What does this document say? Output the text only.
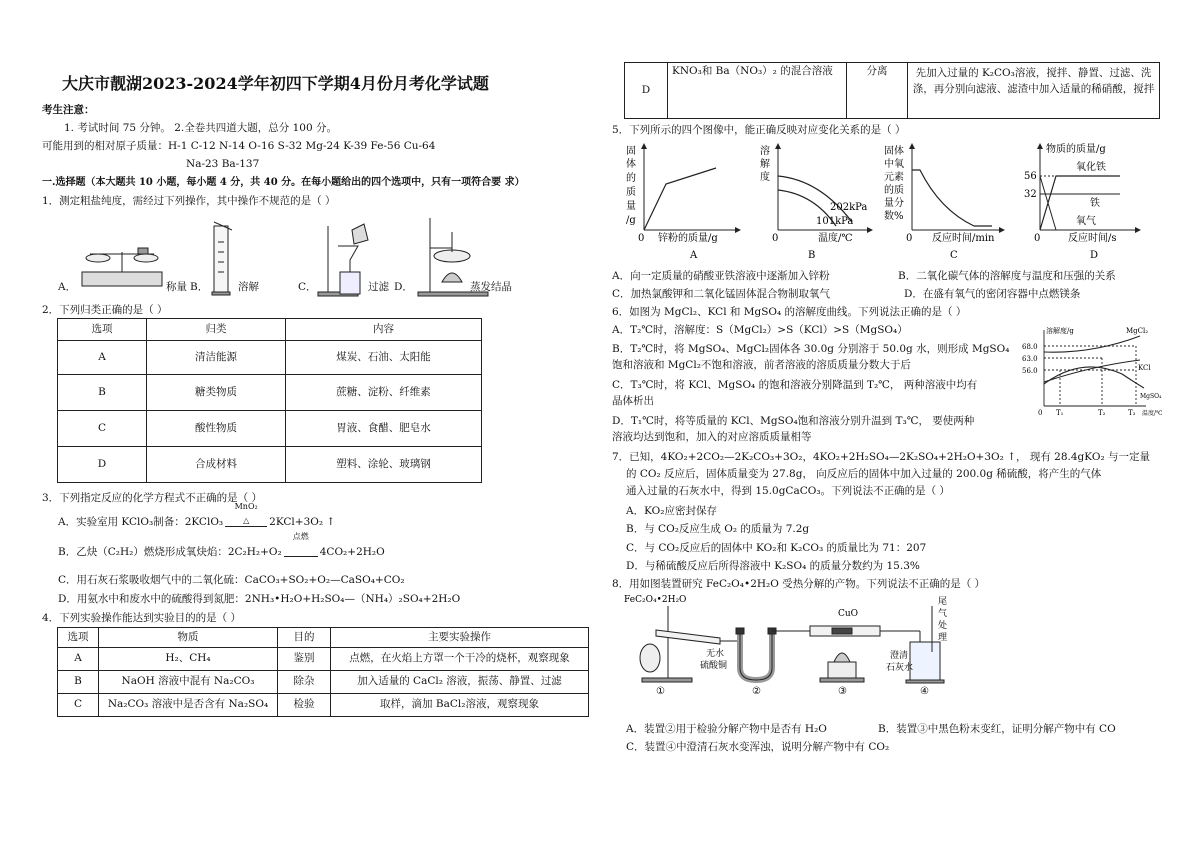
大庆市靓湖2023-2024学年初四下学期4月份月考化学试题
考生注意：
1. 考试时间 75 分钟。 2.全卷共四道大题，总分 100 分。
可能用到的相对原子质量：H-1 C-12 N-14 O-16 S-32 Mg-24 K-39 Fe-56 Cu-64
Na-23 Ba-137
一.选择题（本大题共 10 小题，每小题 4 分，共 40 分。在每小题给出的四个选项中，只有一项符合要 求）
1．测定粗盐纯度，需经过下列操作，其中操作不规范的是（ ）
A．	称量 B．	溶解	C．	过滤 D．	蒸发结晶
2．下列归类正确的是（ ）
选项	归类	内容
A	清洁能源	煤炭、石油、太阳能
B	糖类物质	蔗糖、淀粉、纤维素
C	酸性物质	胃液、食醋、肥皂水
D	合成材料	塑料、涂轮、玻璃钢
3．下列指定反应的化学方程式不正确的是（ ）
A．实验室用 KClO₃制备：2KClO₃
MnO₂
△	2KCl+3O₂ ↑
B．乙炔（C₂H₂）燃烧形成氧炔焰：2C₂H₂+O₂
点燃
4CO₂+2H₂O
C．用石灰石浆吸收烟气中的二氧化硫：CaCO₃+SO₂+O₂—CaSO₄+CO₂
D．用氨水中和废水中的硫酸得到氮肥：2NH₃•H₂O+H₂SO₄—（NH₄）₂SO₄+2H₂O
4．下列实验操作能达到实验目的的是（ ）
选项	物质	目的	主要实验操作
A	H₂、CH₄	鉴别	点燃，在火焰上方罩一个干冷的烧杯，观察现象
B	NaOH 溶液中混有 Na₂CO₃	除杂	加入适量的 CaCl₂ 溶液，振荡、静置、过滤
C	Na₂CO₃ 溶液中是否含有 Na₂SO₄	检验	取样，滴加 BaCl₂溶液，观察现象
D	KNO₃和 Ba（NO₃）₂ 的混合溶液	分离	先加入过量的 K₂CO₃溶液，搅拌、静置、过滤、洗涤，再分别向滤液、滤渣中加入适量的稀硝酸，搅拌
5．下列所示的四个图像中，能正确反映对应变化关系的是（ ）
固
体的质量/g
0 锌粉的质量/g
A
溶解度
202kPa
101kPa
0	温度/℃
B
固体中氧元素的质量分数%
0 反应时间/min
C
物质的质量/g
56
32
氧化铁
铁
氧气
0	反应时间/s
D
A．向一定质量的硝酸亚铁溶液中逐渐加入锌粉	B．二氧化碳气体的溶解度与温度和压强的关系
C．加热氯酸钾和二氧化锰固体混合物制取氧气	D．在盛有氧气的密闭容器中点燃镁条
6．如图为 MgCl₂、KCl 和 MgSO₄ 的溶解度曲线。下列说法正确的是（ ）
A．T₂℃时，溶解度：S（MgCl₂）>S（KCl）>S（MgSO₄）
B．T₂℃时，将 MgSO₄、MgCl₂固体各 30.0g 分别溶于 50.0g 水，则形成 MgSO₄
饱和溶液和 MgCl₂不饱和溶液，前者溶液的溶质质量分数大于后
C．T₃℃时，将 KCl、MgSO₄ 的饱和溶液分别降温到 T₂℃， 两种溶液中均有
晶体析出
D．T₁℃时，将等质量的 KCl、MgSO₄饱和溶液分别升温到 T₃℃， 要使两种
溶液均达到饱和，加入的对应溶质质量相等
溶解度/g
68.0
63.0
56.0
0 T₁	T₂	T₃ 温度/℃
MgCl₂
KCl
MgSO₄
7．已知，4KO₂+2CO₂—2K₂CO₃+3O₂，4KO₂+2H₂SO₄—2K₂SO₄+2H₂O+3O₂ ↑， 现有 28.4gKO₂ 与一定量
的 CO₂ 反应后，固体质量变为 27.8g， 向反应后的固体中加入过量的 200.0g 稀硫酸，将产生的气体
通入过量的石灰水中，得到 15.0gCaCO₃。下列说法不正确的是（ ）
A．KO₂应密封保存
B．与 CO₂反应生成 O₂ 的质量为 7.2g
C．与 CO₂反应后的固体中 KO₂和 K₂CO₃ 的质量比为 71：207
D．与稀硫酸反应后所得溶液中 K₂SO₄ 的质量分数约为 15.3%
8．用如图装置研究 FeC₂O₄•2H₂O 受热分解的产物。下列说法不正确的是（ ）
FeC₂O₄•2H₂O
CuO
无水
硫酸铜
澄清
石灰水
尾
气
处
理
①	②	③	④
A．装置②用于检验分解产物中是否有 H₂O	B．装置③中黑色粉末变红，证明分解产物中有 CO
C．装置④中澄清石灰水变浑浊，说明分解产物中有 CO₂
